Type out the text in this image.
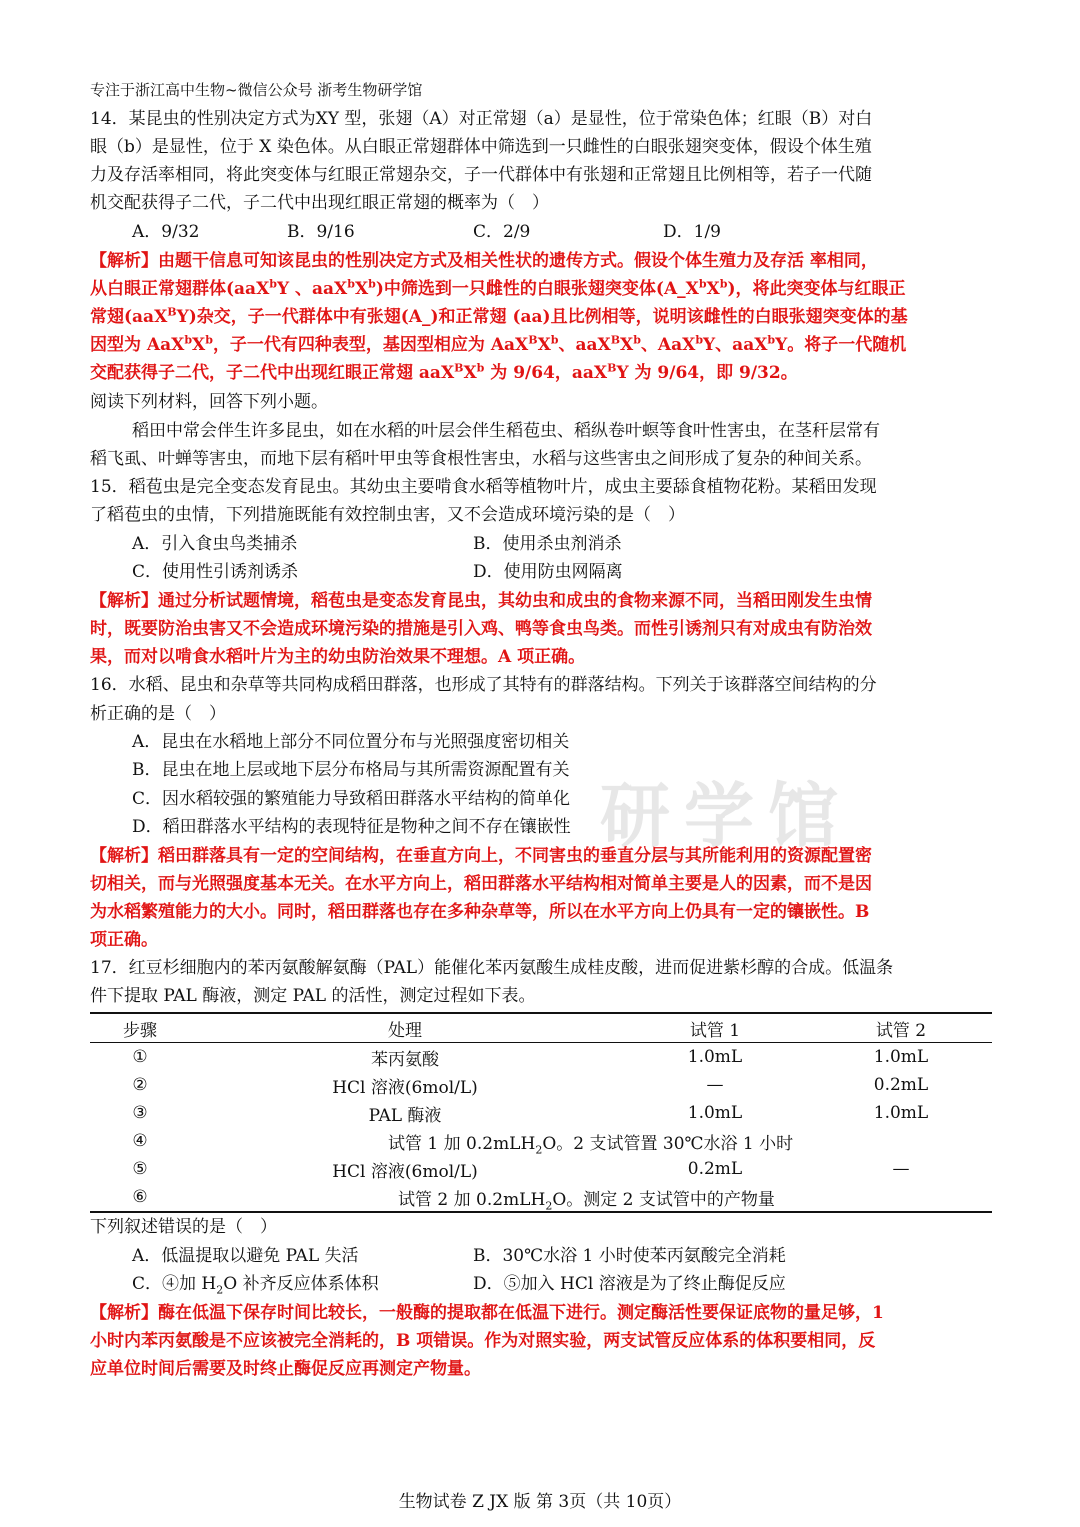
研学馆
专注于浙江高中生物~微信公众号 浙考生物研学馆
14．某昆虫的性别决定方式为XY 型，张翅（A）对正常翅（a）是显性，位于常染色体；红眼（B）对白
眼（b）是显性，位于 X 染色体。从白眼正常翅群体中筛选到一只雌性的白眼张翅突变体，假设个体生殖
力及存活率相同，将此突变体与红眼正常翅杂交，子一代群体中有张翅和正常翅且比例相等，若子一代随
机交配获得子二代，子二代中出现红眼正常翅的概率为（　）
A．9/32	B．9/16	C．2/9	D．1/9
【解析】由题干信息可知该昆虫的性别决定方式及相关性状的遗传方式。假设个体生殖力及存活 率相同，
从白眼正常翅群体(aaX$^b$Y 、$aaX^bX^b$)中筛选到一只雌性的白眼张翅突变体$(A\_X^bX^b)$，将此突变体与红眼正
常翅(aaX$^B$Y)杂交，子一代群体中有张翅(A_)和正常翅 (aa)且比例相等，说明该雌性的白眼张翅突变体的基
因型为 $AaX^bX^b$，子一代有四种表型，基因型相应为 $AaX^BX^b$、$aaX^BX^b$、AaX$^b$Y、aaX$^b$Y。将子一代随机
交配获得子二代，子二代中出现红眼正常翅 $aaX^BX^b$ 为 9/64，aaX$^B$Y 为 9/64，即 9/32。
阅读下列材料，回答下列小题。
稻田中常会伴生许多昆虫，如在水稻的叶层会伴生稻苞虫、稻纵卷叶螟等食叶性害虫，在茎秆层常有
稻飞虱、叶蝉等害虫，而地下层有稻叶甲虫等食根性害虫，水稻与这些害虫之间形成了复杂的种间关系。
15．稻苞虫是完全变态发育昆虫。其幼虫主要啃食水稻等植物叶片，成虫主要舔食植物花粉。某稻田发现
了稻苞虫的虫情，下列措施既能有效控制虫害，又不会造成环境污染的是（　）
A．引入食虫鸟类捕杀	B．使用杀虫剂消杀
C．使用性引诱剂诱杀	D．使用防虫网隔离
【解析】通过分析试题情境，稻苞虫是变态发育昆虫，其幼虫和成虫的食物来源不同，当稻田刚发生虫情
时，既要防治虫害又不会造成环境污染的措施是引入鸡、鸭等食虫鸟类。而性引诱剂只有对成虫有防治效
果，而对以啃食水稻叶片为主的幼虫防治效果不理想。A 项正确。
16．水稻、昆虫和杂草等共同构成稻田群落，也形成了其特有的群落结构。下列关于该群落空间结构的分
析正确的是（　）
A．昆虫在水稻地上部分不同位置分布与光照强度密切相关
B．昆虫在地上层或地下层分布格局与其所需资源配置有关
C．因水稻较强的繁殖能力导致稻田群落水平结构的简单化
D．稻田群落水平结构的表现特征是物种之间不存在镶嵌性
【解析】稻田群落具有一定的空间结构，在垂直方向上，不同害虫的垂直分层与其所能利用的资源配置密
切相关，而与光照强度基本无关。在水平方向上，稻田群落水平结构相对简单主要是人的因素，而不是因
为水稻繁殖能力的大小。同时，稻田群落也存在多种杂草等，所以在水平方向上仍具有一定的镶嵌性。B
项正确。
17．红豆杉细胞内的苯丙氨酸解氨酶（PAL）能催化苯丙氨酸生成桂皮酸，进而促进紫杉醇的合成。低温条
件下提取 PAL 酶液，测定 PAL 的活性，测定过程如下表。
步骤	处理	试管 1	试管 2
①	苯丙氨酸	1.0mL	1.0mL
②	HCl 溶液(6mol/L)	—	0.2mL
③	PAL 酶液	1.0mL	1.0mL
④	试管 1 加 0.2mLH$_2$O。2 支试管置 30℃水浴 1 小时		
⑤	HCl 溶液(6mol/L)	0.2mL	—
⑥	试管 2 加 0.2mLH$_2$O。测定 2 支试管中的产物量		
下列叙述错误的是（　）
A．低温提取以避免 PAL 失活	B．30℃水浴 1 小时使苯丙氨酸完全消耗
C．④加 $H_2O$ 补齐反应体系体积	D．⑤加入 HCl 溶液是为了终止酶促反应
【解析】酶在低温下保存时间比较长，一般酶的提取都在低温下进行。测定酶活性要保证底物的量足够，1
小时内苯丙氨酸是不应该被完全消耗的，B 项错误。作为对照实验，两支试管反应体系的体积要相同，反
应单位时间后需要及时终止酶促反应再测定产物量。
生物试卷 Z JX 版 第 3页（共 10页）
